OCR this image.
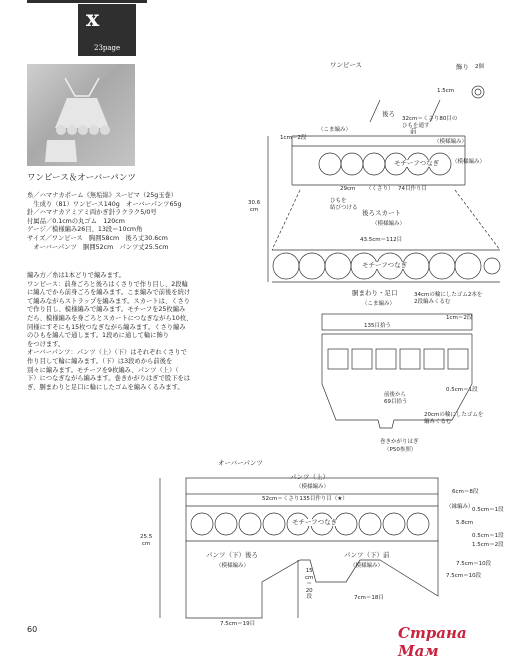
x
23page
ワンピース＆オーバーパンツ
糸／ハマナカポーム《無垢綿》スーピマ（25g玉巻）
　生成り（81）ワンピース140g　オーバーパンツ65g
針／ハマナカアミアミ両かぎ針ラクラク5/0号
付属品／0.1cmの丸ゴム　120cm
ゲージ／模様編み26目、13段＝10cm角
サイズ／ワンピース　胸囲58cm　後ろ丈30.6cm
　オーバーパンツ　胴囲52cm　パンツ丈25.5cm
編み方／糸は1本どりで編みます。
ワンピース：前身ごろと後ろはくさりで作り目し、2段輪
に編んでから前身ごろを編みます。こま編みで前後を続け
て編みながらストラップを編みます。スカートは、くさり
で作り目し、模様編みで編みます。モチーフを25枚編み
だら、模様編みを身ごろとスカートにつなぎながら10枚、
同様にすそにも15枚つなぎながら編みます。くさり編み
のひもを編んで通します。1段めに通して輪に飾り
をつけます。
オーバーパンツ：パンツ（上）（下）はそれぞれくさりで
作り目して輪に編みます。（下）は3段めから前後を
別々に編みます。モチーフを9枚編み、パンツ（上）（
下）につなぎながら編みます。巻きかがりはぎで股下をは
ぎ、胴まわりと足口に輪にしたゴムを編みくるみます。
60	Страна Мам
ワンピース	飾り 2個
1.5cm
後ろ
32cm＝くさり80目の
ひもを通す
（こま編み）	前
（模様編み）
（模様編み）
モチーフつなぎ
1cm＝2段
29cm （くさり） 74目作り目
ひもを
結びつける
30.6
cm	後ろスカート
（模様編み）
43.5cm＝112目
モチーフつなぎ
胴まわり・足口
（こま編み）
34cmの輪にしたゴム2本を
2段編みくるむ
135目拾う
1cm＝2段
0.5cm＝1段
前後から
69目拾う
20cmの輪にしたゴムを
編みくるむ
巻きかがりはぎ
（P50参照）
オーバーパンツ
パンツ（上）
（模様編み）
52cm＝くさり135目作り目（★）
モチーフつなぎ
（縁編み）
6cm＝8段
0.5cm＝1段
5.8cm
0.5cm＝1段
1.5cm＝2段
7.5cm＝10段
25.5
cm
パンツ（下）後ろ
（模様編み）
パンツ（下）前
（模様編み）
15
cm
＝
20
段	7cm＝18目
7.5cm＝19目
7.5cm＝10段
